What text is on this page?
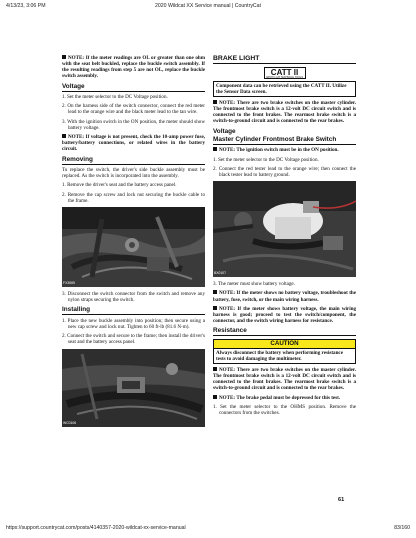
4/13/23, 3:06 PM	2020 Wildcat XX Service manual | CountryCat

NOTE: If the meter readings are OL or greater than one ohm with the seat belt buckled, replace the buckle switch assembly. If the resulting readings from step 5 are not OL, replace the buckle switch assembly.

Voltage

1. Set the meter selector to the DC Voltage position.

2. On the harness side of the switch connector, connect the red meter lead to the orange wire and the black meter lead to the tan wire.

3. With the ignition switch in the ON position, the meter should show battery voltage.

NOTE: If voltage is not present, check the 10-amp power fuse, battery/battery connections, or related wires in the battery circuit.

Removing

To replace the switch, the driver's side buckle assembly must be replaced. As the switch is incorporated into the assembly.

1. Remove the driver's seat and the battery access panel.

2. Remove the cap screw and lock nut securing the buckle cable to the frame.

FX3069

3. Disconnect the switch connector from the switch and remove any nylon straps securing the switch.

Installing

1. Place the new buckle assembly into position; then secure using a new cap screw and lock nut. Tighten to 60 ft-lb (81.6 N-m).

2. Connect the switch and secure to the frame; then install the driver's seat and the battery access panel.

WC0106
BRAKE LIGHT
CATT II
ARCTIC CAT TECHNICAL TOOLS
Component data can be retrieved using the CATT II. Utilize the Sensor Data screen.

NOTE: There are two brake switches on the master cylinder. The frontmost brake switch is a 12-volt DC circuit switch and is connected to the front brakes. The rearmost brake switch is a switch-to-ground circuit and is connected to the rear brakes.

Voltage
Master Cylinder Frontmost Brake Switch

NOTE: The ignition switch must be in the ON position.

1. Set the meter selector to the DC Voltage position.

2. Connect the red tester lead to the orange wire; then connect the black tester lead to battery ground.

BX0107

3. The meter must show battery voltage.

NOTE: If the meter shows no battery voltage, troubleshoot the battery, fuse, switch, or the main wiring harness.

NOTE: If the meter shows battery voltage, the main wiring harness is good; proceed to test the switch/component, the connector, and the switch wiring harness for resistance.

Resistance
CAUTION
Always disconnect the battery when performing resistance tests to avoid damaging the multimeter.

NOTE: There are two brake switches on the master cylinder. The frontmost brake switch is a 12-volt DC circuit switch and is connected to the front brakes. The rearmost brake switch is a switch-to-ground circuit and is connected to the rear brakes.

NOTE: The brake pedal must be depressed for this test.

1. Set the meter selector to the OHMS position. Remove the connectors from the switches.

61
https://support.countrycat.com/posts/4140357-2020-wildcat-xx-service-manual	83/160
